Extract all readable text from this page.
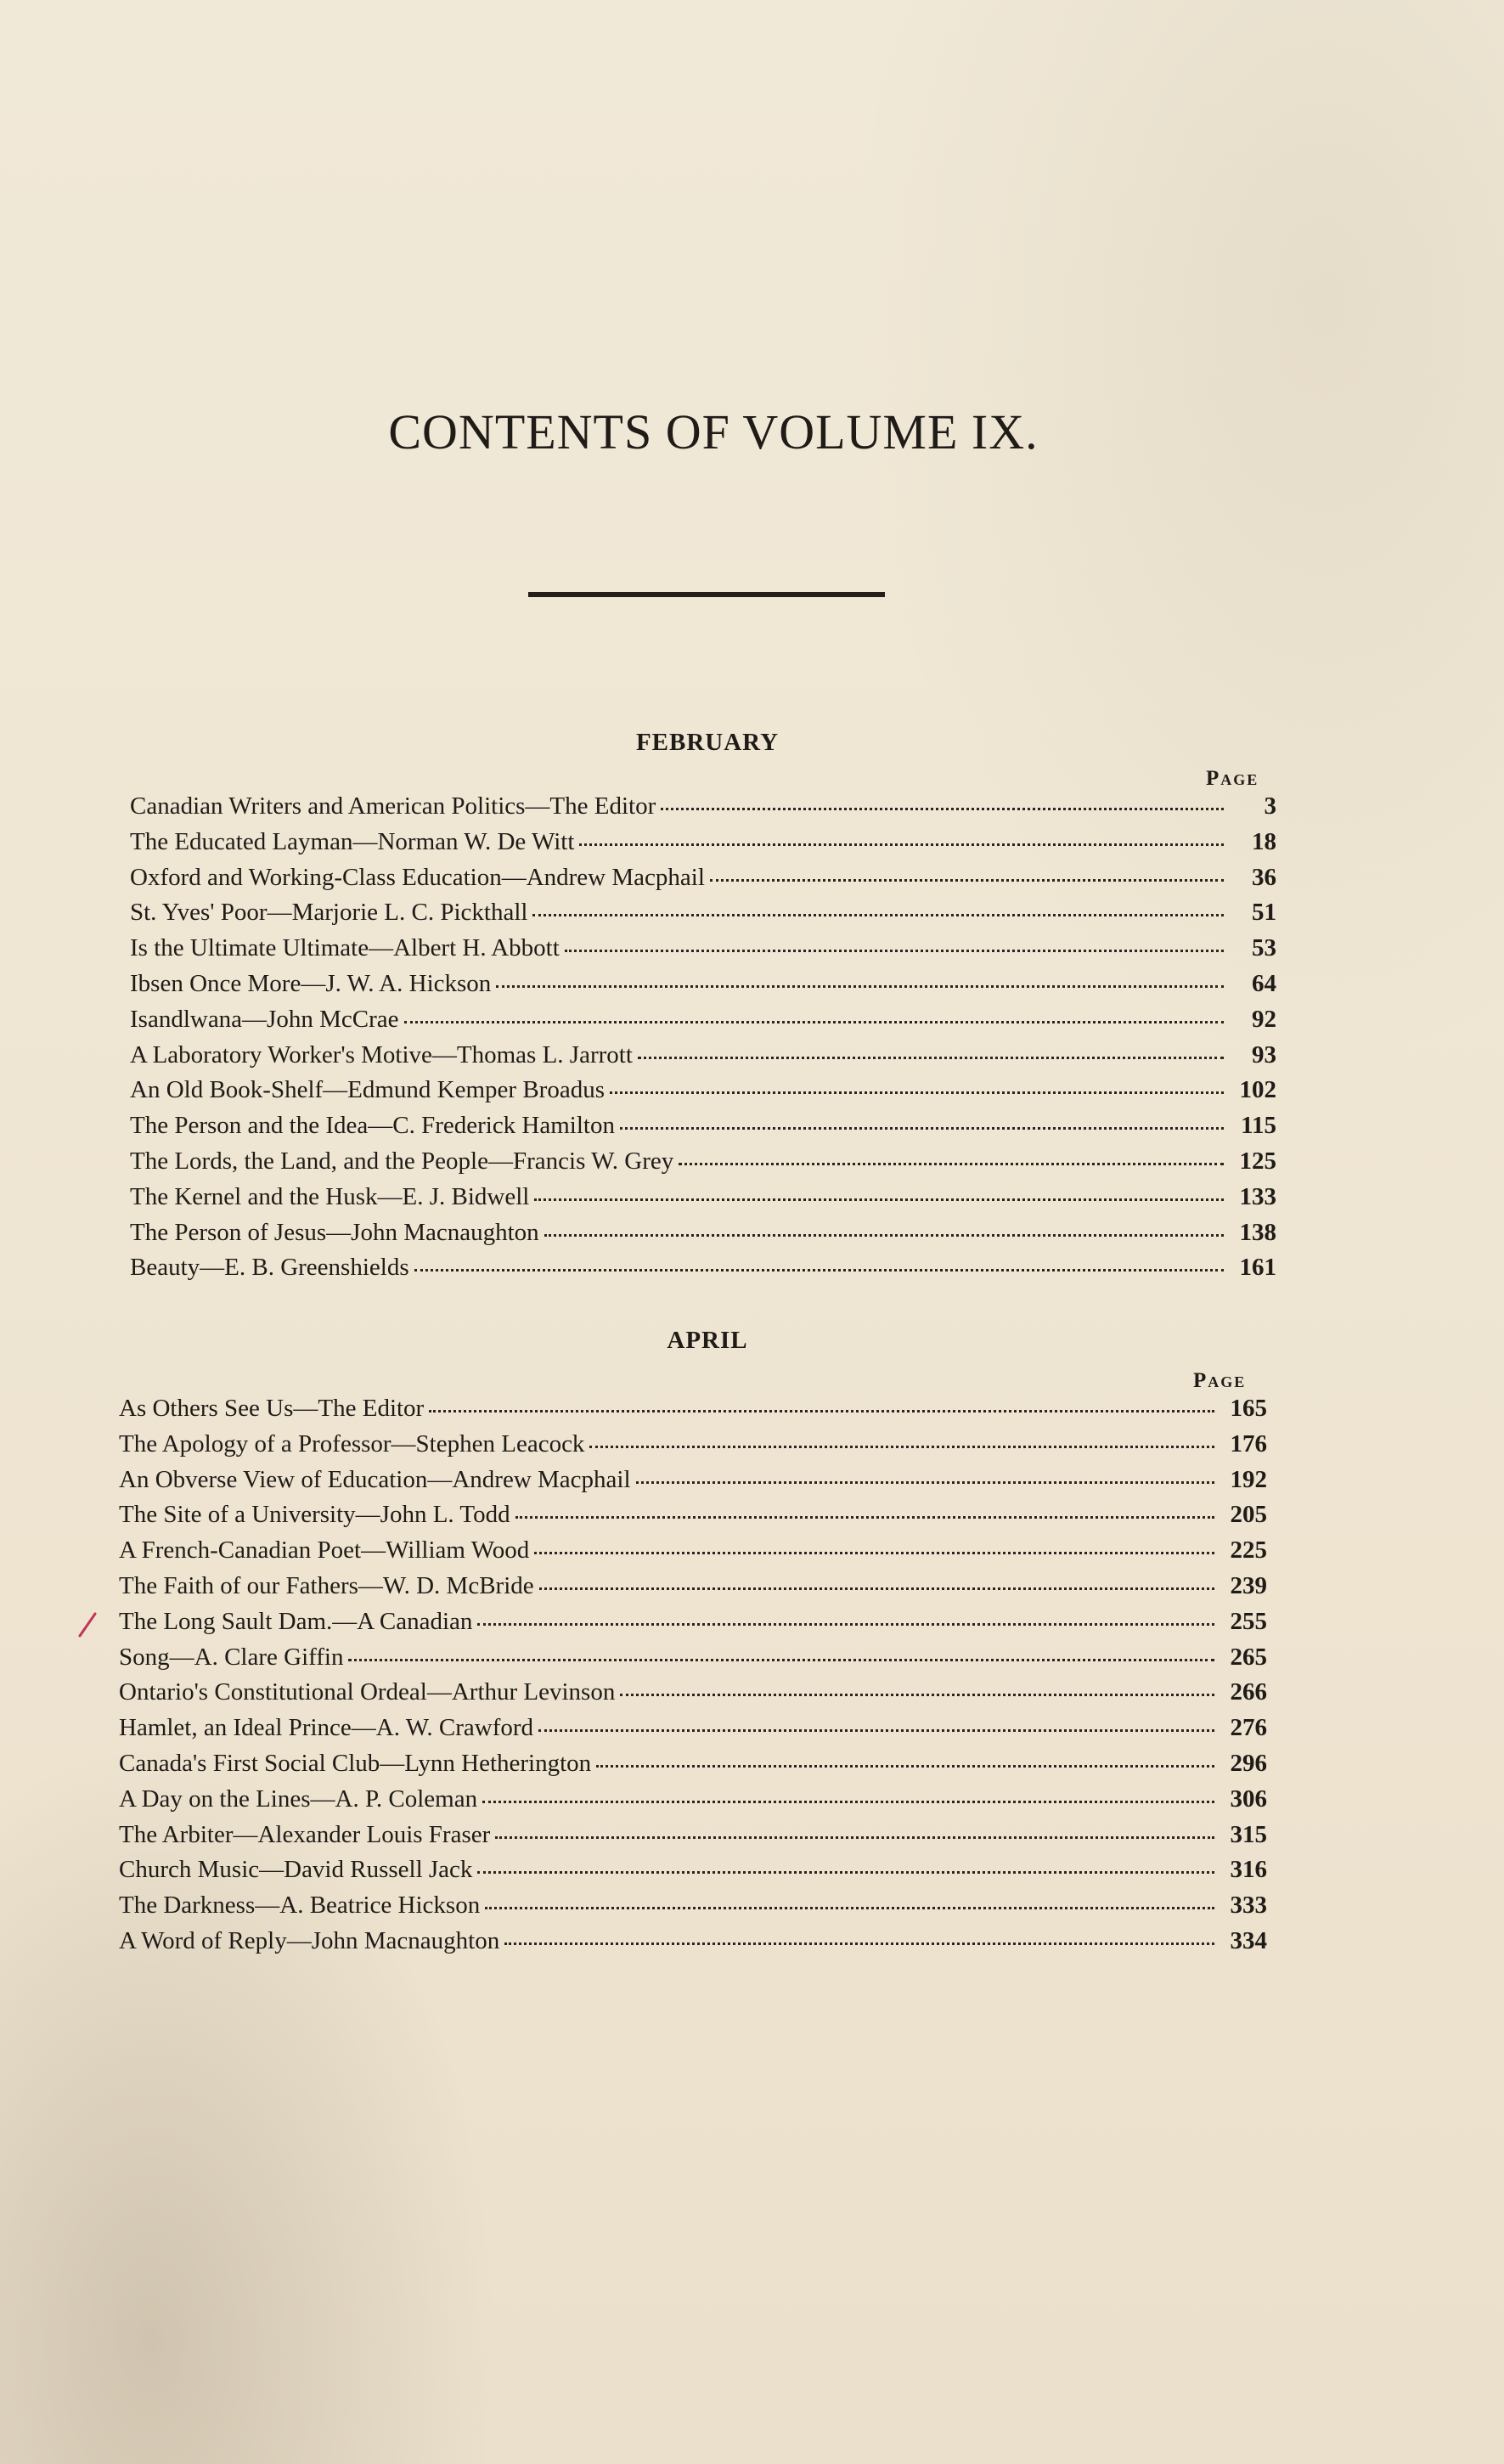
CONTENTS OF VOLUME IX.
FEBRUARY
Page
Canadian Writers and American Politics—The Editor	3
The Educated Layman—Norman W. De Witt	18
Oxford and Working-Class Education—Andrew Macphail	36
St. Yves' Poor—Marjorie L. C. Pickthall	51
Is the Ultimate Ultimate—Albert H. Abbott	53
Ibsen Once More—J. W. A. Hickson	64
Isandlwana—John McCrae	92
A Laboratory Worker's Motive—Thomas L. Jarrott	93
An Old Book-Shelf—Edmund Kemper Broadus	102
The Person and the Idea—C. Frederick Hamilton	115
The Lords, the Land, and the People—Francis W. Grey	125
The Kernel and the Husk—E. J. Bidwell	133
The Person of Jesus—John Macnaughton	138
Beauty—E. B. Greenshields	161
APRIL
Page
As Others See Us—The Editor	165
The Apology of a Professor—Stephen Leacock	176
An Obverse View of Education—Andrew Macphail	192
The Site of a University—John L. Todd	205
A French-Canadian Poet—William Wood	225
The Faith of our Fathers—W. D. McBride	239
The Long Sault Dam.—A Canadian	255
Song—A. Clare Giffin	265
Ontario's Constitutional Ordeal—Arthur Levinson	266
Hamlet, an Ideal Prince—A. W. Crawford	276
Canada's First Social Club—Lynn Hetherington	296
A Day on the Lines—A. P. Coleman	306
The Arbiter—Alexander Louis Fraser	315
Church Music—David Russell Jack	316
The Darkness—A. Beatrice Hickson	333
A Word of Reply—John Macnaughton	334
